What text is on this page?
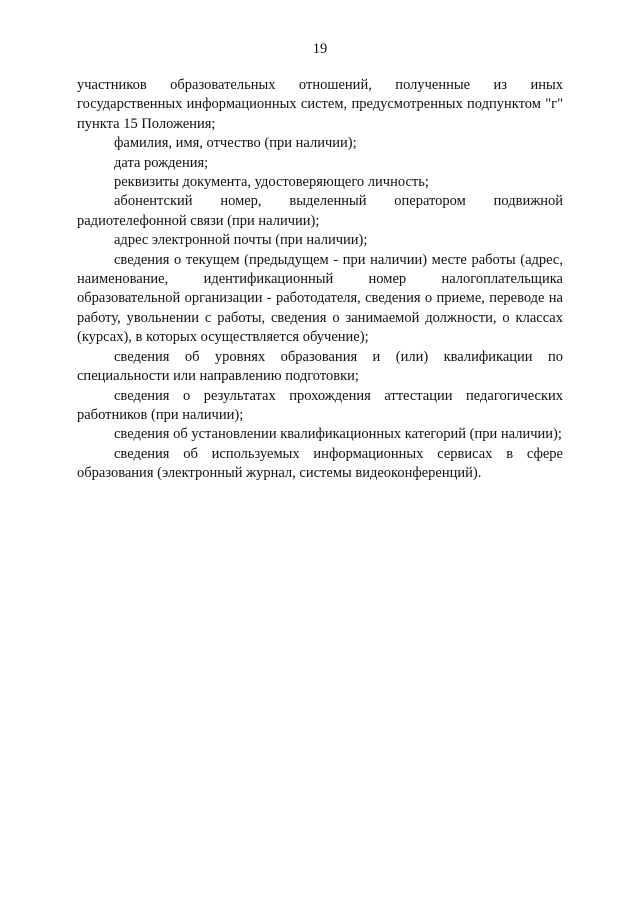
19

участников образовательных отношений, полученные из иных государственных информационных систем, предусмотренных подпунктом "г" пункта 15 Положения;

фамилия, имя, отчество (при наличии);

дата рождения;

реквизиты документа, удостоверяющего личность;

абонентский номер, выделенный оператором подвижной радиотелефонной связи (при наличии);

адрес электронной почты (при наличии);

сведения о текущем (предыдущем - при наличии) месте работы (адрес, наименование, идентификационный номер налогоплательщика образовательной организации - работодателя, сведения о приеме, переводе на работу, увольнении с работы, сведения о занимаемой должности, о классах (курсах), в которых осуществляется обучение);

сведения об уровнях образования и (или) квалификации по специальности или направлению подготовки;

сведения о результатах прохождения аттестации педагогических работников (при наличии);

сведения об установлении квалификационных категорий (при наличии);

сведения об используемых информационных сервисах в сфере образования (электронный журнал, системы видеоконференций).
